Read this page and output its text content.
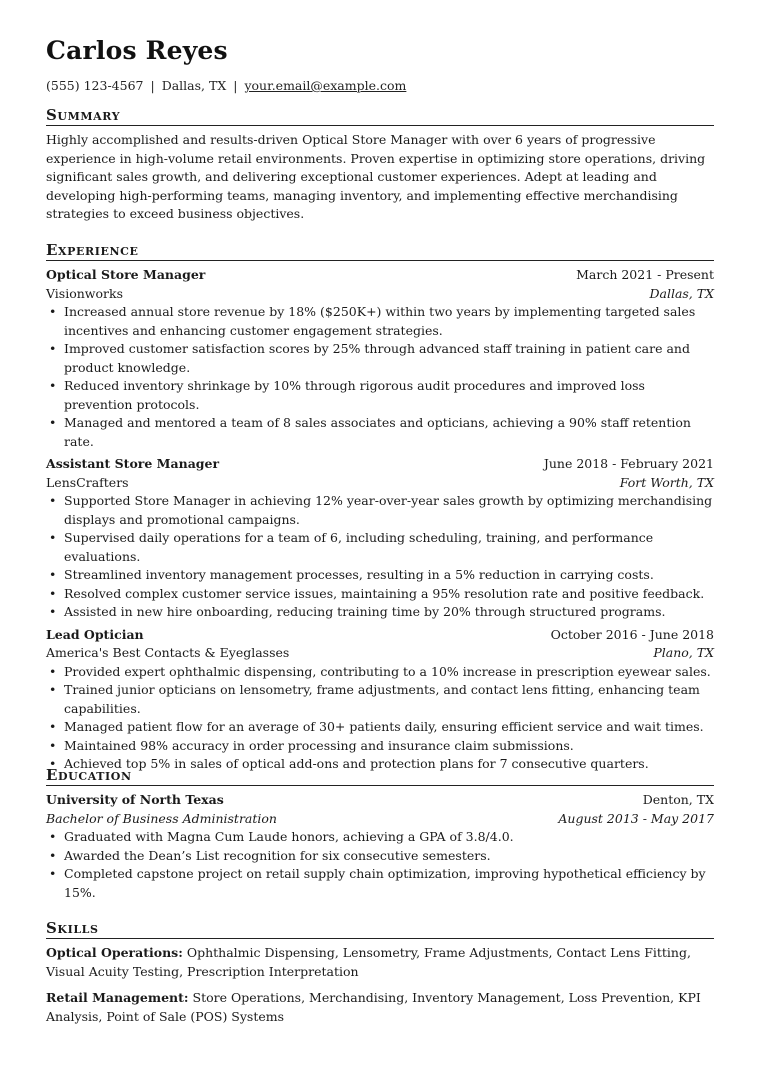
Carlos Reyes
(555) 123-4567 | Dallas, TX | your.email@example.com
Summary

Highly accomplished and results-driven Optical Store Manager with over 6 years of progressive experience in high-volume retail environments. Proven expertise in optimizing store operations, driving significant sales growth, and delivering exceptional customer experiences. Adept at leading and developing high-performing teams, managing inventory, and implementing effective merchandising strategies to exceed business objectives.

Experience
Optical Store Manager	March 2021 - Present
Visionworks	Dallas, TX
• Increased annual store revenue by 18% ($250K+) within two years by implementing targeted sales incentives and enhancing customer engagement strategies.
• Improved customer satisfaction scores by 25% through advanced staff training in patient care and product knowledge.
• Reduced inventory shrinkage by 10% through rigorous audit procedures and improved loss prevention protocols.
• Managed and mentored a team of 8 sales associates and opticians, achieving a 90% staff retention rate.
Assistant Store Manager	June 2018 - February 2021
LensCrafters	Fort Worth, TX
• Supported Store Manager in achieving 12% year-over-year sales growth by optimizing merchandising displays and promotional campaigns.
• Supervised daily operations for a team of 6, including scheduling, training, and performance evaluations.
• Streamlined inventory management processes, resulting in a 5% reduction in carrying costs.
• Resolved complex customer service issues, maintaining a 95% resolution rate and positive feedback.
• Assisted in new hire onboarding, reducing training time by 20% through structured programs.
Lead Optician	October 2016 - June 2018
America's Best Contacts & Eyeglasses	Plano, TX
• Provided expert ophthalmic dispensing, contributing to a 10% increase in prescription eyewear sales.
• Trained junior opticians on lensometry, frame adjustments, and contact lens fitting, enhancing team capabilities.
• Managed patient flow for an average of 30+ patients daily, ensuring efficient service and wait times.
• Maintained 98% accuracy in order processing and insurance claim submissions.
• Achieved top 5% in sales of optical add-ons and protection plans for 7 consecutive quarters.
Education
University of North Texas	Denton, TX
Bachelor of Business Administration	August 2013 - May 2017
• Graduated with Magna Cum Laude honors, achieving a GPA of 3.8/4.0.
• Awarded the Dean’s List recognition for six consecutive semesters.
• Completed capstone project on retail supply chain optimization, improving hypothetical efficiency by 15%.
Skills

Optical Operations: Ophthalmic Dispensing, Lensometry, Frame Adjustments, Contact Lens Fitting, Visual Acuity Testing, Prescription Interpretation

Retail Management: Store Operations, Merchandising, Inventory Management, Loss Prevention, KPI Analysis, Point of Sale (POS) Systems
